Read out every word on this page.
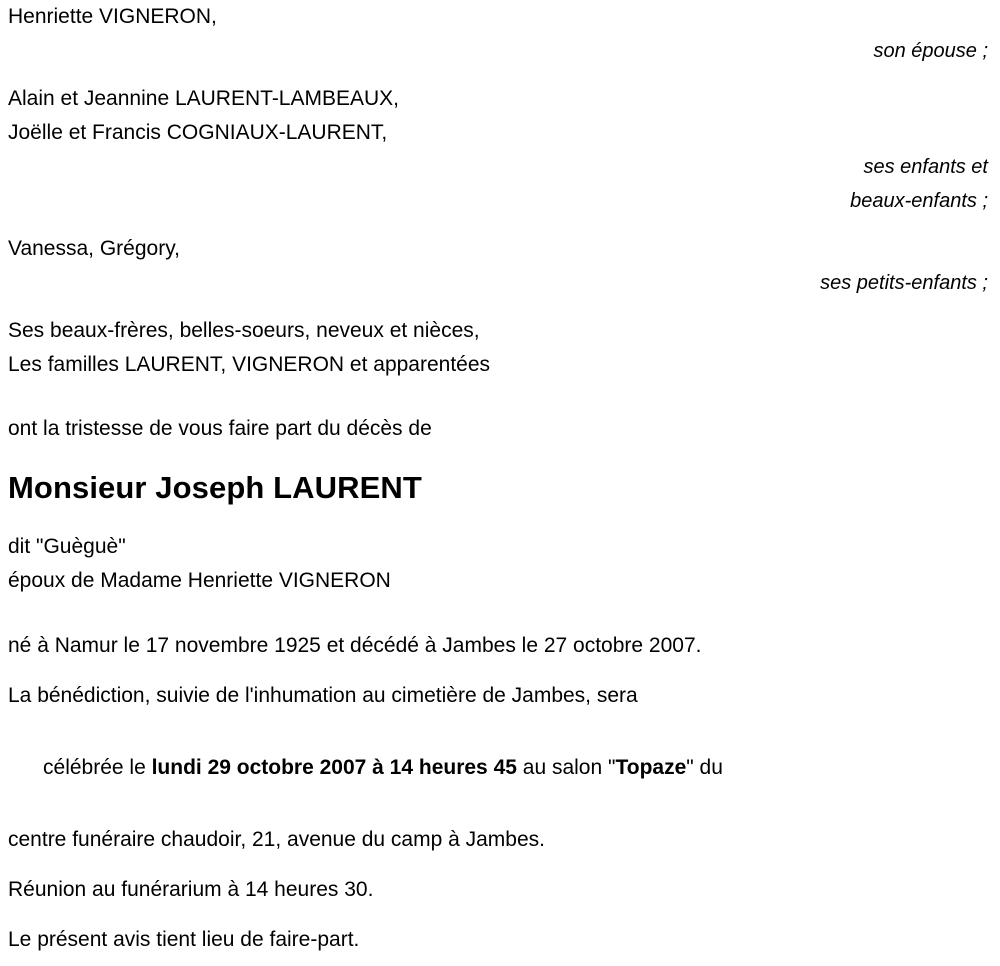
Henriette VIGNERON,
son épouse ;
Alain et Jeannine LAURENT-LAMBEAUX,
Joëlle et Francis COGNIAUX-LAURENT,
ses enfants et
beaux-enfants ;
Vanessa, Grégory,
ses petits-enfants ;
Ses beaux-frères, belles-soeurs, neveux et nièces,
Les familles LAURENT, VIGNERON et apparentées
ont la tristesse de vous faire part du décès de
Monsieur Joseph LAURENT
dit "Guèguè"
époux de Madame Henriette VIGNERON
né à Namur le 17 novembre 1925 et décédé à Jambes le 27 octobre 2007.
La bénédiction, suivie de l'inhumation au cimetière de Jambes, sera

célébrée le lundi 29 octobre 2007 à 14 heures 45 au salon "Topaze" du

centre funéraire chaudoir, 21, avenue du camp à Jambes.
Réunion au funérarium à 14 heures 30.
Le présent avis tient lieu de faire-part.
